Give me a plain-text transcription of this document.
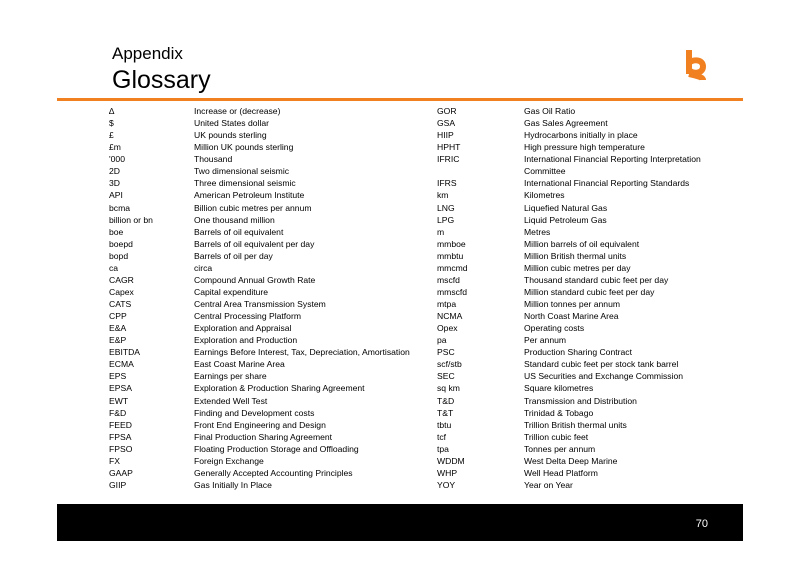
Appendix
Glossary
∆	Increase or (decrease)
$	United States dollar
£	UK pounds sterling
£m	Million UK pounds sterling
'000	Thousand
2D	Two dimensional seismic
3D	Three dimensional seismic
API	American Petroleum Institute
bcma	Billion cubic metres per annum
billion or bn	One thousand million
boe	Barrels of oil equivalent
boepd	Barrels of oil equivalent per day
bopd	Barrels of oil per day
ca	circa
CAGR	Compound Annual Growth Rate
Capex	Capital expenditure
CATS	Central Area Transmission System
CPP	Central Processing Platform
E&A	Exploration and Appraisal
E&P	Exploration and Production
EBITDA	Earnings Before Interest, Tax, Depreciation, Amortisation
ECMA	East Coast Marine Area
EPS	Earnings per share
EPSA	Exploration & Production Sharing Agreement
EWT	Extended Well Test
F&D	Finding and Development costs
FEED	Front End Engineering and Design
FPSA	Final Production Sharing Agreement
FPSO	Floating Production Storage and Offloading
FX	Foreign Exchange
GAAP	Generally Accepted Accounting Principles
GIIP	Gas Initially In Place
GOR	Gas Oil Ratio
GSA	Gas Sales Agreement
HIIP	Hydrocarbons initially in place
HPHT	High pressure high temperature
IFRIC	International Financial Reporting Interpretation Committee
IFRS	International Financial Reporting Standards
km	Kilometres
LNG	Liquefied Natural Gas
LPG	Liquid Petroleum Gas
m	Metres
mmboe	Million barrels of oil equivalent
mmbtu	Million British thermal units
mmcmd	Million cubic metres per day
mscfd	Thousand standard cubic feet per day
mmscfd	Million standard cubic feet per day
mtpa	Million tonnes per annum
NCMA	North Coast Marine Area
Opex	Operating costs
pa	Per annum
PSC	Production Sharing Contract
scf/stb	Standard cubic feet per stock tank barrel
SEC	US Securities and Exchange Commission
sq km	Square kilometres
T&D	Transmission and Distribution
T&T	Trinidad & Tobago
tbtu	Trillion British thermal units
tcf	Trillion cubic feet
tpa	Tonnes per annum
WDDM	West Delta Deep Marine
WHP	Well Head Platform
YOY	Year on Year
70
